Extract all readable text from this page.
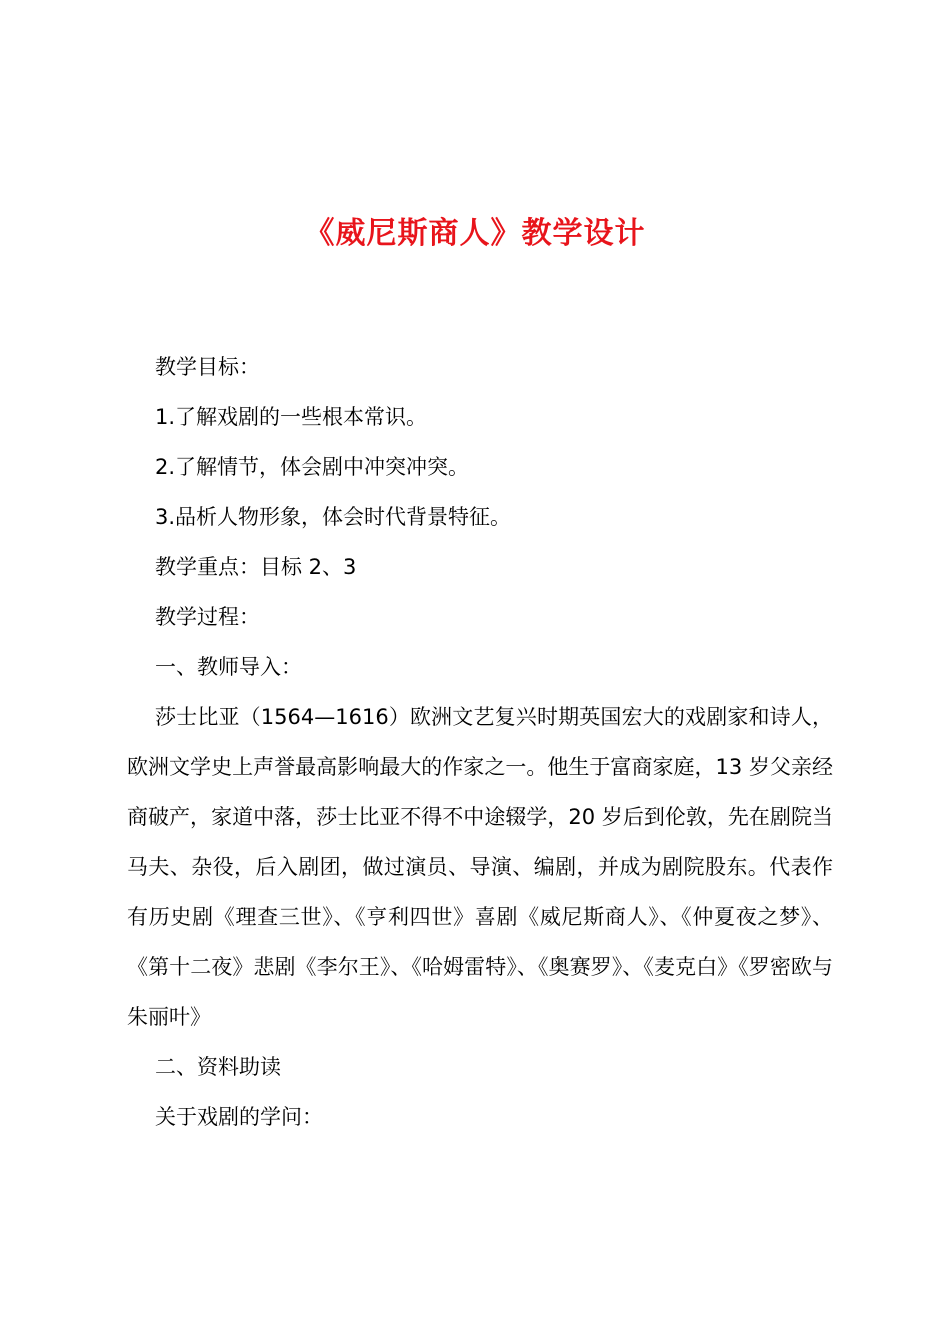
《威尼斯商人》教学设计

教学目标：

1.了解戏剧的一些根本常识。

2.了解情节，体会剧中冲突冲突。

3.品析人物形象，体会时代背景特征。

教学重点：目标 2、3

教学过程：

一、教师导入：

莎士比亚（1564—1616）欧洲文艺复兴时期英国宏大的戏剧家和诗人，欧洲文学史上声誉最高影响最大的作家之一。他生于富商家庭，13 岁父亲经商破产，家道中落，莎士比亚不得不中途辍学，20 岁后到伦敦，先在剧院当马夫、杂役，后入剧团，做过演员、导演、编剧，并成为剧院股东。代表作有历史剧《理查三世》、《亨利四世》喜剧《威尼斯商人》、《仲夏夜之梦》、《第十二夜》悲剧《李尔王》、《哈姆雷特》、《奥赛罗》、《麦克白》《罗密欧与朱丽叶》

二、资料助读

关于戏剧的学问：
